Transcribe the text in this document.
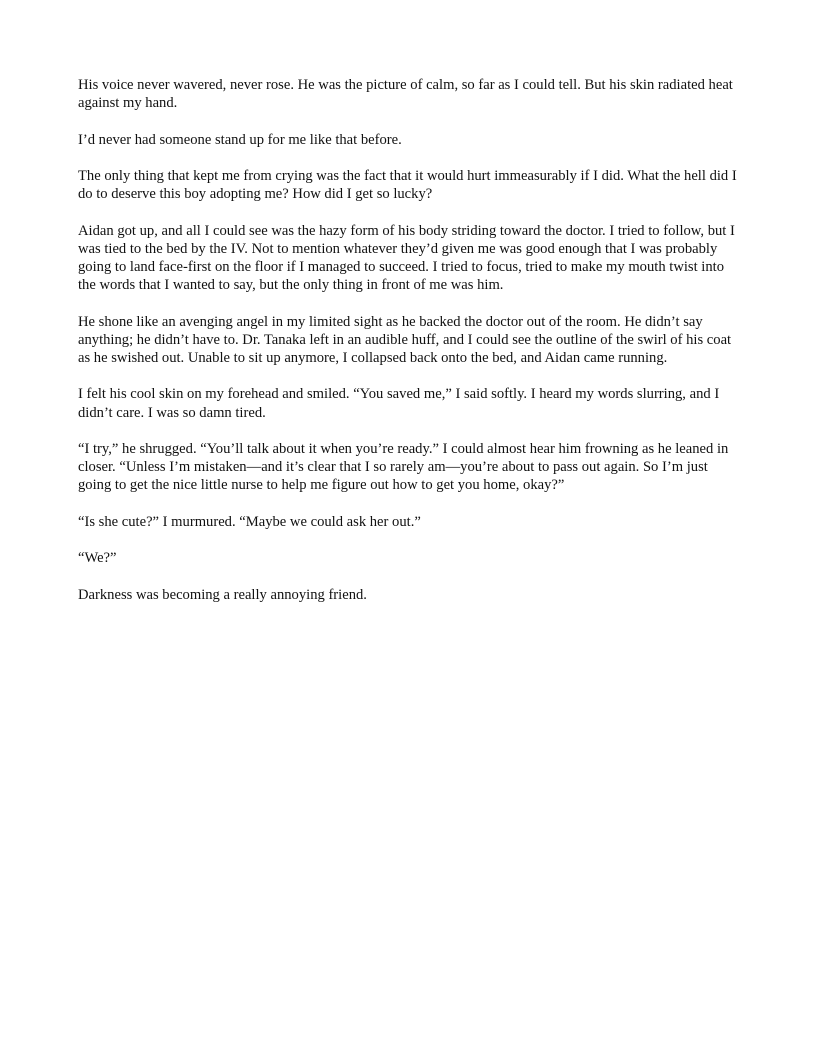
His voice never wavered, never rose. He was the picture of calm, so far as I could tell. But his skin radiated heat against my hand.

I’d never had someone stand up for me like that before.

The only thing that kept me from crying was the fact that it would hurt immeasurably if I did. What the hell did I do to deserve this boy adopting me? How did I get so lucky?

Aidan got up, and all I could see was the hazy form of his body striding toward the doctor. I tried to follow, but I was tied to the bed by the IV. Not to mention whatever they’d given me was good enough that I was probably going to land face-first on the floor if I managed to succeed. I tried to focus, tried to make my mouth twist into the words that I wanted to say, but the only thing in front of me was him.

He shone like an avenging angel in my limited sight as he backed the doctor out of the room. He didn’t say anything; he didn’t have to. Dr. Tanaka left in an audible huff, and I could see the outline of the swirl of his coat as he swished out. Unable to sit up anymore, I collapsed back onto the bed, and Aidan came running.

I felt his cool skin on my forehead and smiled. “You saved me,” I said softly. I heard my words slurring, and I didn’t care. I was so damn tired.

“I try,” he shrugged. “You’ll talk about it when you’re ready.” I could almost hear him frowning as he leaned in closer. “Unless I’m mistaken—and it’s clear that I so rarely am—you’re about to pass out again. So I’m just going to get the nice little nurse to help me figure out how to get you home, okay?”

“Is she cute?” I murmured. “Maybe we could ask her out.”

“We?”

Darkness was becoming a really annoying friend.
